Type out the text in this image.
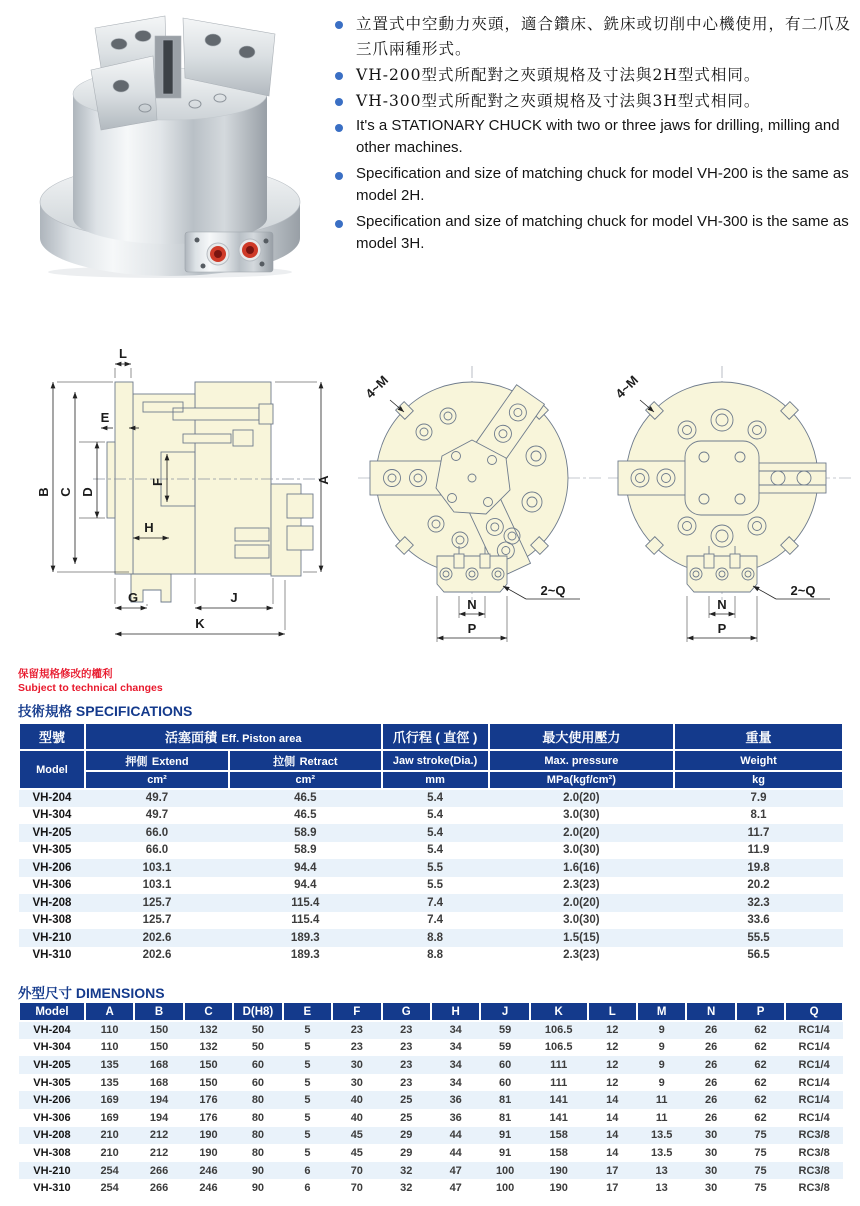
立置式中空動力夾頭，適合鑽床、銑床或切削中心機使用，有二爪及三爪兩種形式。
VH-200型式所配對之夾頭規格及寸法與2H型式相同。
VH-300型式所配對之夾頭規格及寸法與3H型式相同。
It's a STATIONARY CHUCK with two or three jaws for drilling, milling and other machines.
Specification and size of matching chuck for model VH-200 is the same as model 2H.
Specification and size of matching chuck for model VH-300 is the same as model 3H.
B C D
L
E
F	A
H
G	J
K
4~M
N
P
2~Q
4~M
N
P
2~Q
保留規格修改的權利
Subject to technical changes
技術規格 SPECIFICATIONS
型號	活塞面積 Eff. Piston area		爪行程 ( 直徑 )	最大使用壓力	重量
Model	押側 Extend	拉側 Retract	Jaw stroke(Dia.)	Max. pressure	Weight
	cm²	cm²	mm	MPa(kgf/cm²)	kg
VH-204	49.7	46.5	5.4	2.0(20)	7.9
VH-304	49.7	46.5	5.4	3.0(30)	8.1
VH-205	66.0	58.9	5.4	2.0(20)	11.7
VH-305	66.0	58.9	5.4	3.0(30)	11.9
VH-206	103.1	94.4	5.5	1.6(16)	19.8
VH-306	103.1	94.4	5.5	2.3(23)	20.2
VH-208	125.7	115.4	7.4	2.0(20)	32.3
VH-308	125.7	115.4	7.4	3.0(30)	33.6
VH-210	202.6	189.3	8.8	1.5(15)	55.5
VH-310	202.6	189.3	8.8	2.3(23)	56.5
外型尺寸 DIMENSIONS
Model	A	B	C	D(H8)	E	F	G	H	J	K	L	M	N	P	Q
VH-204	110	150	132	50	5	23	23	34	59	106.5	12	9	26	62	RC1/4
VH-304	110	150	132	50	5	23	23	34	59	106.5	12	9	26	62	RC1/4
VH-205	135	168	150	60	5	30	23	34	60	111	12	9	26	62	RC1/4
VH-305	135	168	150	60	5	30	23	34	60	111	12	9	26	62	RC1/4
VH-206	169	194	176	80	5	40	25	36	81	141	14	11	26	62	RC1/4
VH-306	169	194	176	80	5	40	25	36	81	141	14	11	26	62	RC1/4
VH-208	210	212	190	80	5	45	29	44	91	158	14	13.5	30	75	RC3/8
VH-308	210	212	190	80	5	45	29	44	91	158	14	13.5	30	75	RC3/8
VH-210	254	266	246	90	6	70	32	47	100	190	17	13	30	75	RC3/8
VH-310	254	266	246	90	6	70	32	47	100	190	17	13	30	75	RC3/8
